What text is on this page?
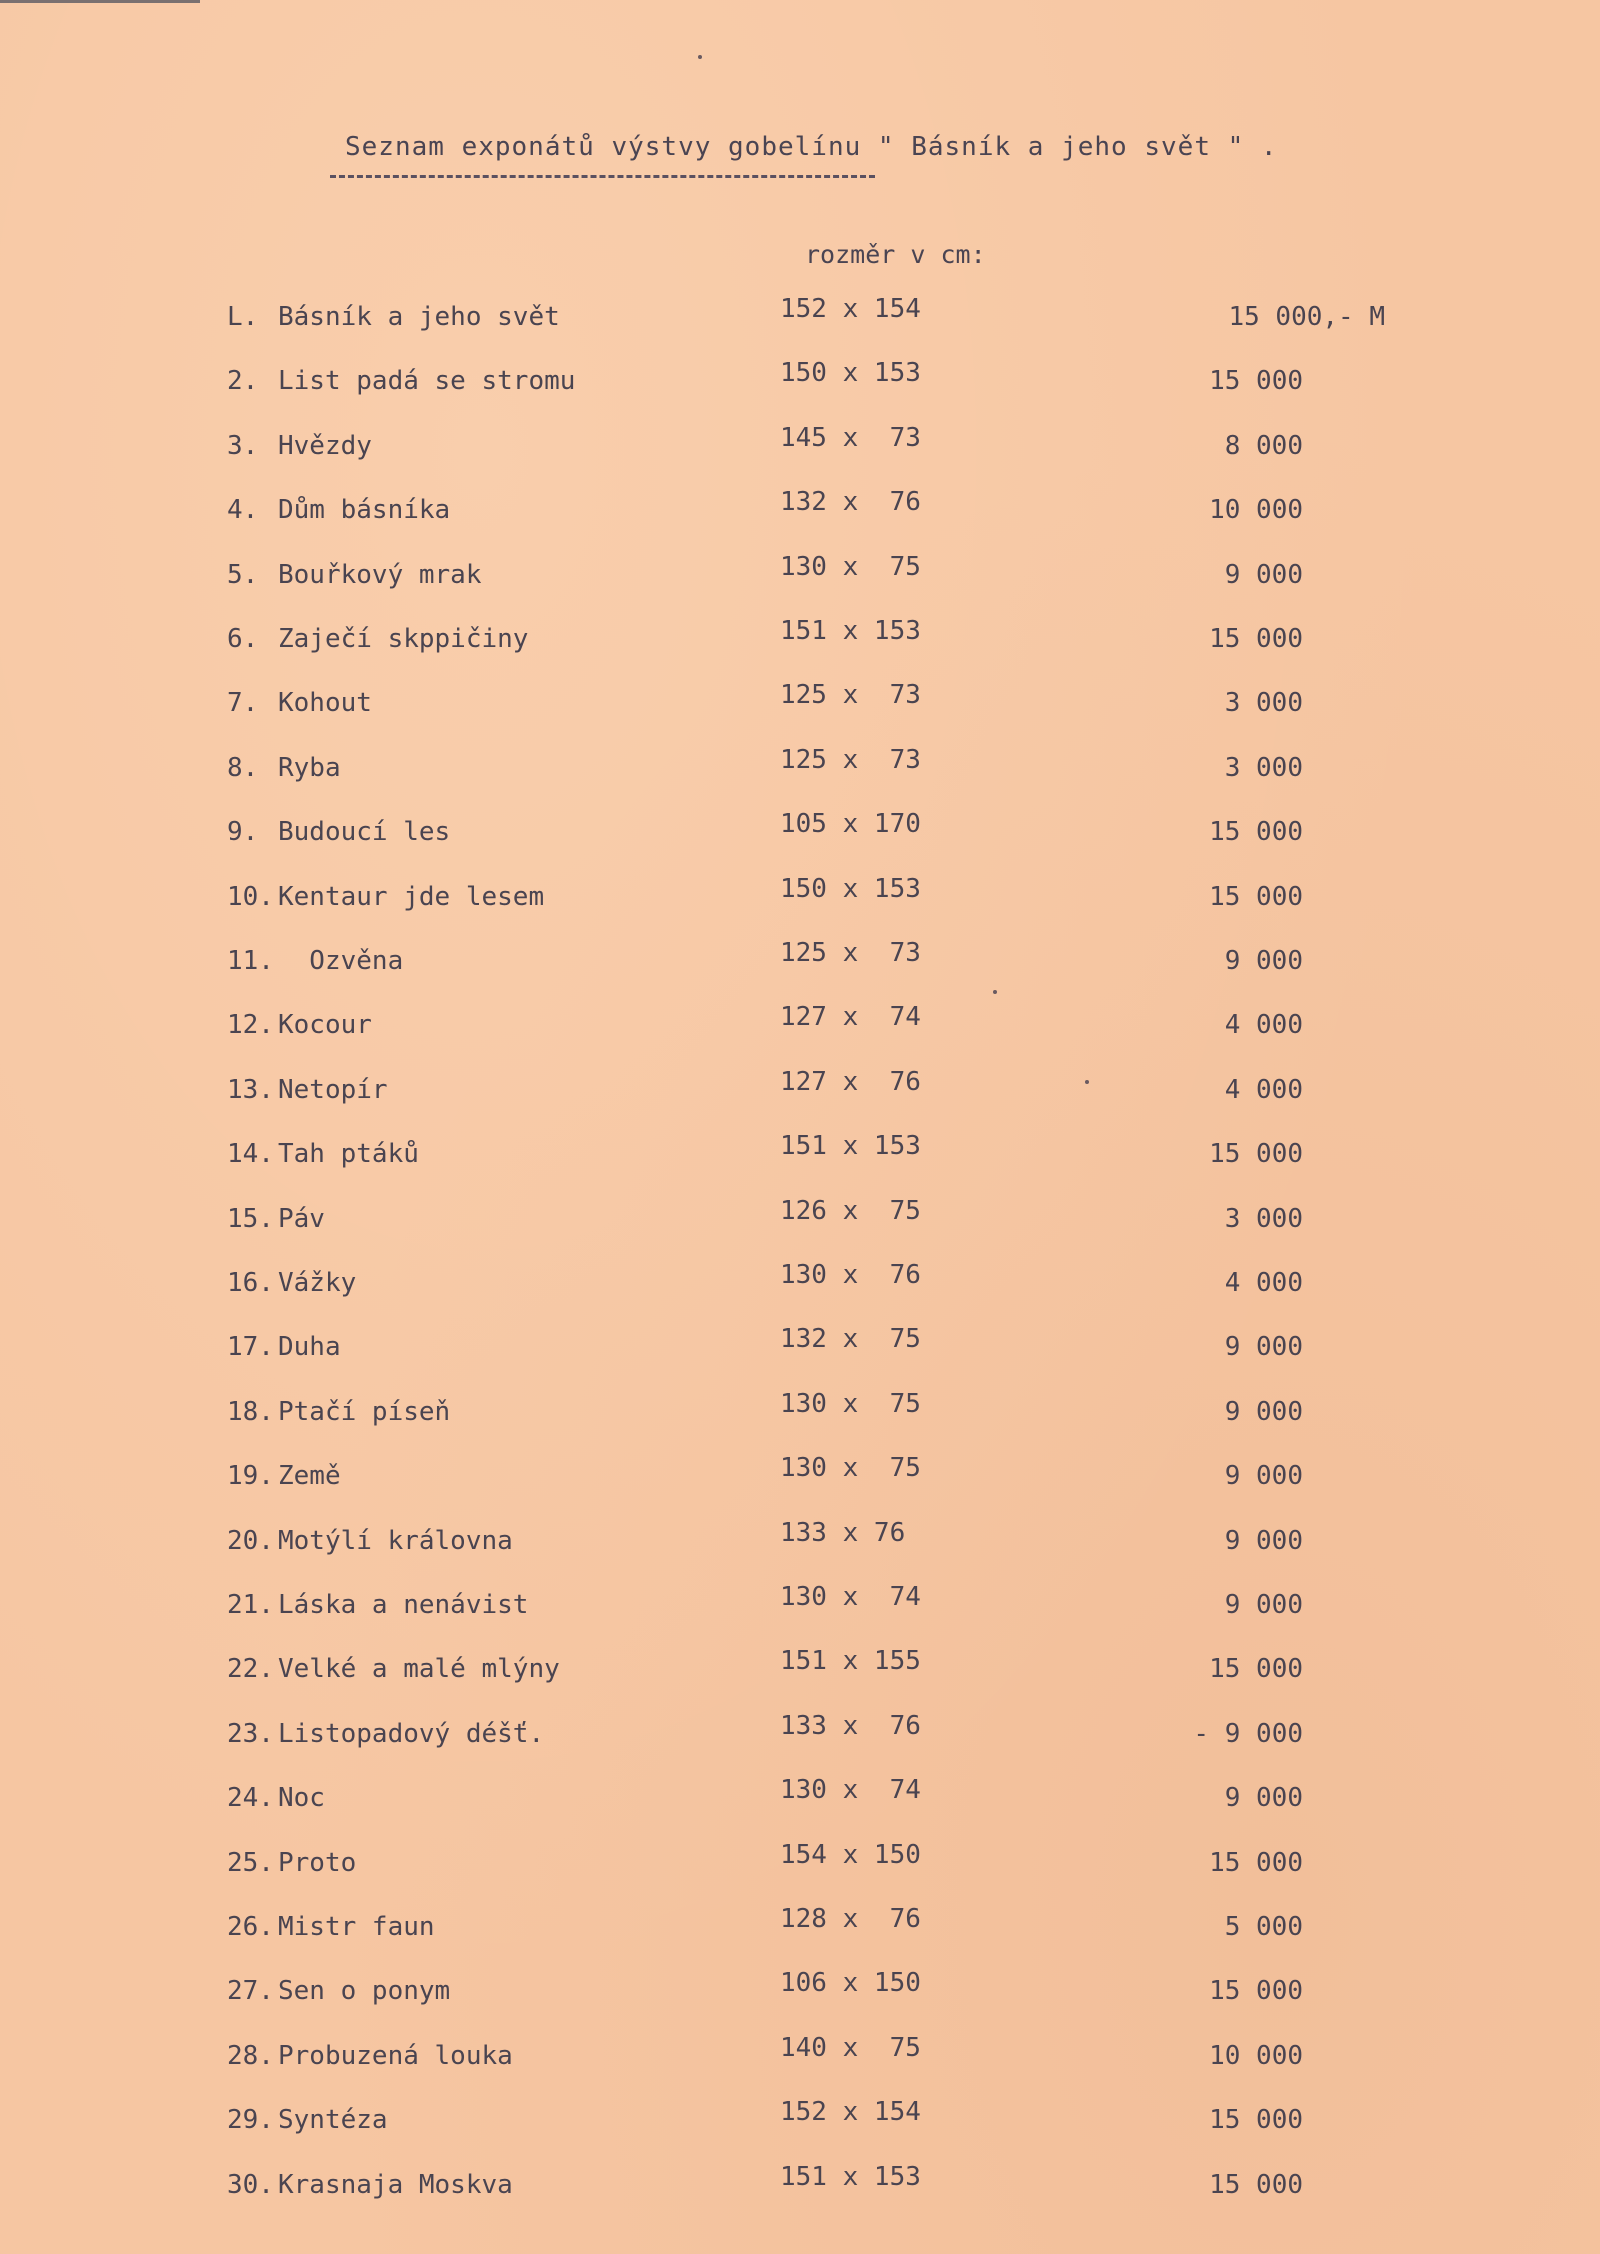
Seznam exponátů výstvy gobelínu " Básník a jeho svět " .
rozměr v cm:
L. Básník a jeho svět	152 x 154	15 000,- M
2. List padá se stromu	150 x 153	15 000
3. Hvězdy	145 x  73	8 000
4. Dům básníka	132 x  76	10 000
5. Bouřkový mrak	130 x  75	9 000
6. Zaječí skppičiny	151 x 153	15 000
7. Kohout	125 x  73	3 000
8. Ryba	125 x  73	3 000
9. Budoucí les	105 x 170	15 000
10. Kentaur jde lesem	150 x 153	15 000
11. Ozvěna	125 x  73	9 000
12. Kocour	127 x  74	4 000
13. Netopír	127 x  76	4 000
14. Tah ptáků	151 x 153	15 000
15. Páv	126 x  75	3 000
16. Vážky	130 x  76	4 000
17. Duha	132 x  75	9 000
18. Ptačí píseň	130 x  75	9 000
19. Země	130 x  75	9 000
20. Motýlí královna	133 x 76	9 000
21. Láska a nenávist	130 x  74	9 000
22. Velké a malé mlýny	151 x 155	15 000
23. Listopadový déšť.	133 x  76	- 9 000
24. Noc	130 x  74	9 000
25. Proto	154 x 150	15 000
26. Mistr faun	128 x  76	5 000
27. Sen o ponym	106 x 150	15 000
28. Probuzená louka	140 x  75	10 000
29. Syntéza	152 x 154	15 000
30. Krasnaja Moskva	151 x 153	15 000
